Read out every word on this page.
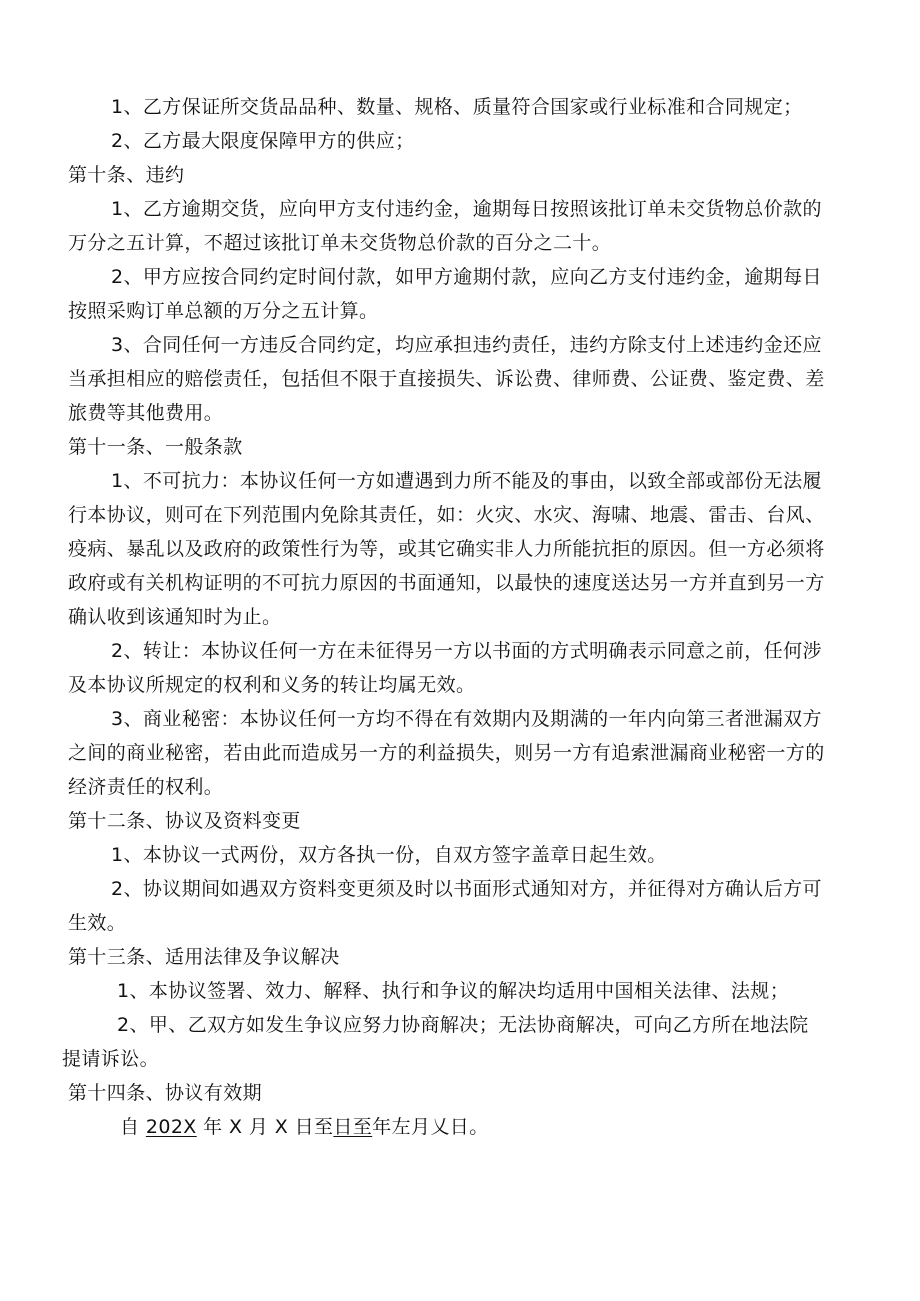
1、乙方保证所交货品品种、数量、规格、质量符合国家或行业标准和合同规定；
2、乙方最大限度保障甲方的供应；
第十条、违约
1、乙方逾期交货，应向甲方支付违约金，逾期每日按照该批订单未交货物总价款的
万分之五计算，不超过该批订单未交货物总价款的百分之二十。
2、甲方应按合同约定时间付款，如甲方逾期付款，应向乙方支付违约金，逾期每日
按照采购订单总额的万分之五计算。
3、合同任何一方违反合同约定，均应承担违约责任，违约方除支付上述违约金还应
当承担相应的赔偿责任，包括但不限于直接损失、诉讼费、律师费、公证费、鉴定费、差
旅费等其他费用。
第十一条、一般条款
1、不可抗力：本协议任何一方如遭遇到力所不能及的事由，以致全部或部份无法履
行本协议，则可在下列范围内免除其责任，如：火灾、水灾、海啸、地震、雷击、台风、
疫病、暴乱以及政府的政策性行为等，或其它确实非人力所能抗拒的原因。但一方必须将
政府或有关机构证明的不可抗力原因的书面通知，以最快的速度送达另一方并直到另一方
确认收到该通知时为止。
2、转让：本协议任何一方在未征得另一方以书面的方式明确表示同意之前，任何涉
及本协议所规定的权利和义务的转让均属无效。
3、商业秘密：本协议任何一方均不得在有效期内及期满的一年内向第三者泄漏双方
之间的商业秘密，若由此而造成另一方的利益损失，则另一方有追索泄漏商业秘密一方的
经济责任的权利。
第十二条、协议及资料变更
1、本协议一式两份，双方各执一份，自双方签字盖章日起生效。
2、协议期间如遇双方资料变更须及时以书面形式通知对方，并征得对方确认后方可
生效。
第十三条、适用法律及争议解决
1、本协议签署、效力、解释、执行和争议的解决均适用中国相关法律、法规；
2、甲、乙双方如发生争议应努力协商解决；无法协商解决，可向乙方所在地法院
提请诉讼。
第十四条、协议有效期
自 202X 年 X 月 X 日至日至年左月乂日。
